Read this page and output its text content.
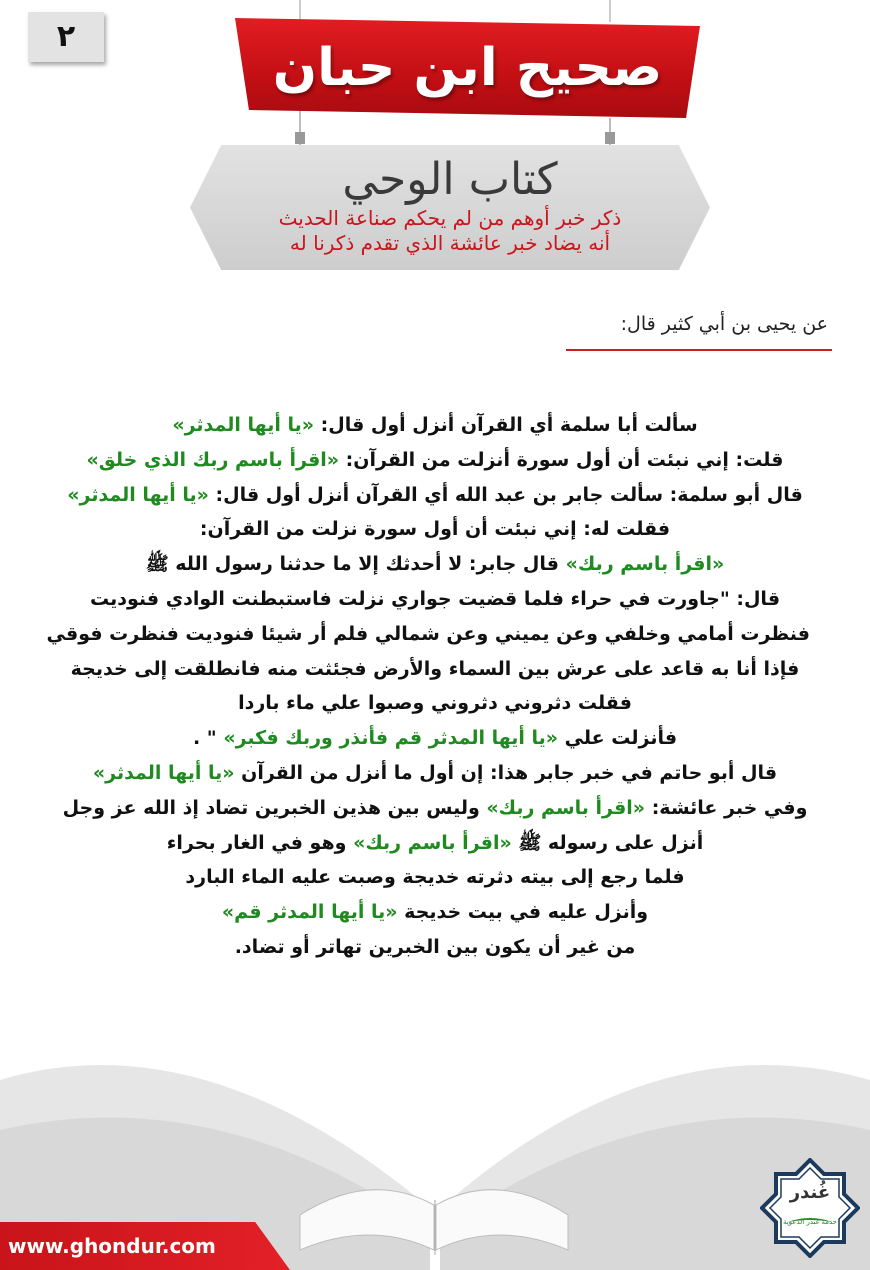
٢
صحيح ابن حبان
كتاب الوحي
ذكر خبر أوهم من لم يحكم صناعة الحديث
أنه يضاد خبر عائشة الذي تقدم ذكرنا له
عن يحيى بن أبي كثير قال:
سألت أبا سلمة أي القرآن أنزل أول قال: «يا أيها المدثر»
قلت: إني نبئت أن أول سورة أنزلت من القرآن: «اقرأ باسم ربك الذي خلق»
قال أبو سلمة: سألت جابر بن عبد الله أي القرآن أنزل أول قال: «يا أيها المدثر»
فقلت له: إني نبئت أن أول سورة نزلت من القرآن:
«اقرأ باسم ربك» قال جابر: لا أحدثك إلا ما حدثنا رسول الله ﷺ
قال: "جاورت في حراء فلما قضيت جواري نزلت فاستبطنت الوادي فنوديت
فنظرت أمامي وخلفي وعن يميني وعن شمالي فلم أر شيئا فنوديت فنظرت فوقي
فإذا أنا به قاعد على عرش بين السماء والأرض فجئثت منه فانطلقت إلى خديجة
فقلت دثروني دثروني وصبوا علي ماء باردا
فأنزلت علي «يا أيها المدثر قم فأنذر وربك فكبر» " .
قال أبو حاتم في خبر جابر هذا: إن أول ما أنزل من القرآن «يا أيها المدثر»
وفي خبر عائشة: «اقرأ باسم ربك» وليس بين هذين الخبرين تضاد إذ الله عز وجل
أنزل على رسوله ﷺ «اقرأ باسم ربك» وهو في الغار بحراء
فلما رجع إلى بيته دثرته خديجة وصبت عليه الماء البارد
وأنزل عليه في بيت خديجة «يا أيها المدثر قم»
من غير أن يكون بين الخبرين تهاتر أو تضاد.
www.ghondur.com
غُندر
حدمة غندر الدعوية
